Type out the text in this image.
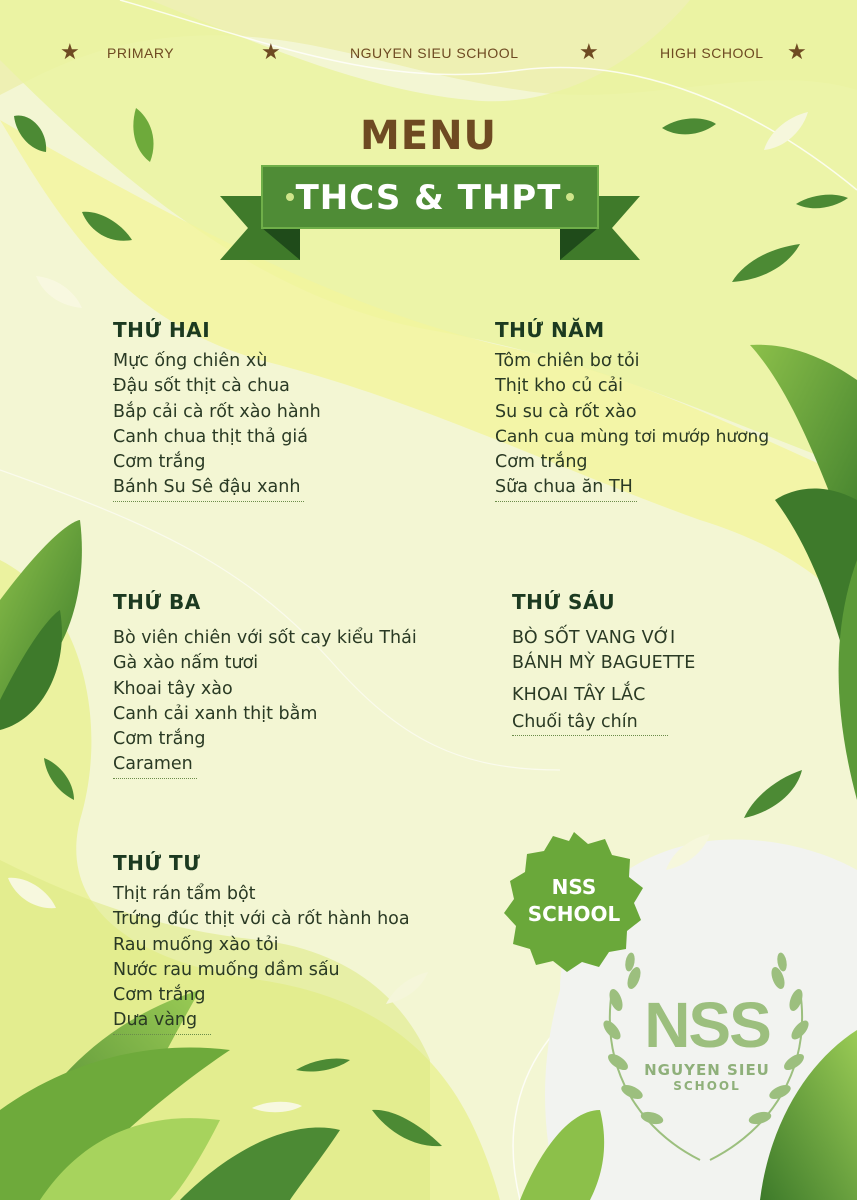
★ PRIMARY	★	NGUYEN SIEU SCHOOL	★	HIGH SCHOOL ★
MENU
THCS & THPT
THỨ HAI
Mực ống chiên xù
Đậu sốt thịt cà chua
Bắp cải cà rốt xào hành
Canh chua thịt thả giá
Cơm trắng
Bánh Su Sê đậu xanh
THỨ NĂM
Tôm chiên bơ tỏi
Thịt kho củ cải
Su su cà rốt xào
Canh cua mùng tơi mướp hương
Cơm trắng
Sữa chua ăn TH
THỨ BA
Bò viên chiên với sốt cay kiểu Thái
Gà xào nấm tươi
Khoai tây xào
Canh cải xanh thịt bằm
Cơm trắng
Caramen
THỨ SÁU
BÒ SỐT VANG VỚI
BÁNH MỲ BAGUETTE
KHOAI TÂY LẮC
Chuối tây chín
THỨ TƯ
Thịt rán tẩm bột
Trứng đúc thịt với cà rốt hành hoa
Rau muống xào tỏi
Nước rau muống dầm sấu
Cơm trắng
Dưa vàng
NSS
SCHOOL
NSS
NGUYEN SIEU
SCHOOL
